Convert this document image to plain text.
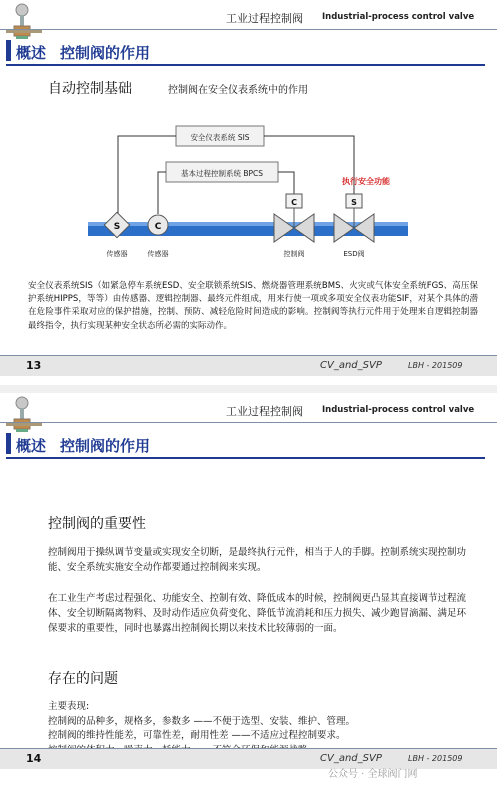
工业过程控制阀 Industrial-process control valve
概述 控制阀的作用
自动控制基础	控制阀在安全仪表系统中的作用
安全仪表系统 SIS
基本过程控制系统 BPCS
执行安全功能
S
传感器
C
传感器
C
控制阀
S
ESD阀
安全仪表系统SIS（如紧急停车系统ESD、安全联锁系统SIS、燃烧器管理系统BMS、火灾或气体安全系统FGS、高压保护系统HIPPS，等等）由传感器、逻辑控制器、最终元件组成，用来行使一项或多项安全仪表功能SIF，对某个具体的潜在危险事件采取对应的保护措施，控制、预防、减轻危险时间造成的影响。控制阀等执行元件用于处理来自逻辑控制器最终指令，执行实现某种安全状态所必需的实际动作。
13	CV_and_SVP	LBH - 201509
工业过程控制阀 Industrial-process control valve
概述 控制阀的作用
控制阀的重要性
控制阀用于操纵调节变量或实现安全切断，是最终执行元件，相当于人的手脚。控制系统实现控制功能、安全系统实施安全动作都要通过控制阀来实现。
在工业生产考虑过程强化、功能安全、控制有效、降低成本的时候，控制阀更凸显其直接调节过程流体、安全切断隔离物料、及时动作适应负荷变化、降低节流消耗和压力损失、减少跑冒滴漏、满足环保要求的重要性，同时也暴露出控制阀长期以来技术比较薄弱的一面。
存在的问题
主要表现:
控制阀的品种多，规格多，参数多 ——不便于选型、安装、维护、管理。
控制阀的维持性能差，可靠性差，耐用性差 ——不适应过程控制要求。
14	CV_and_SVP	LBH - 201509
公众号 · 全球阀门网
